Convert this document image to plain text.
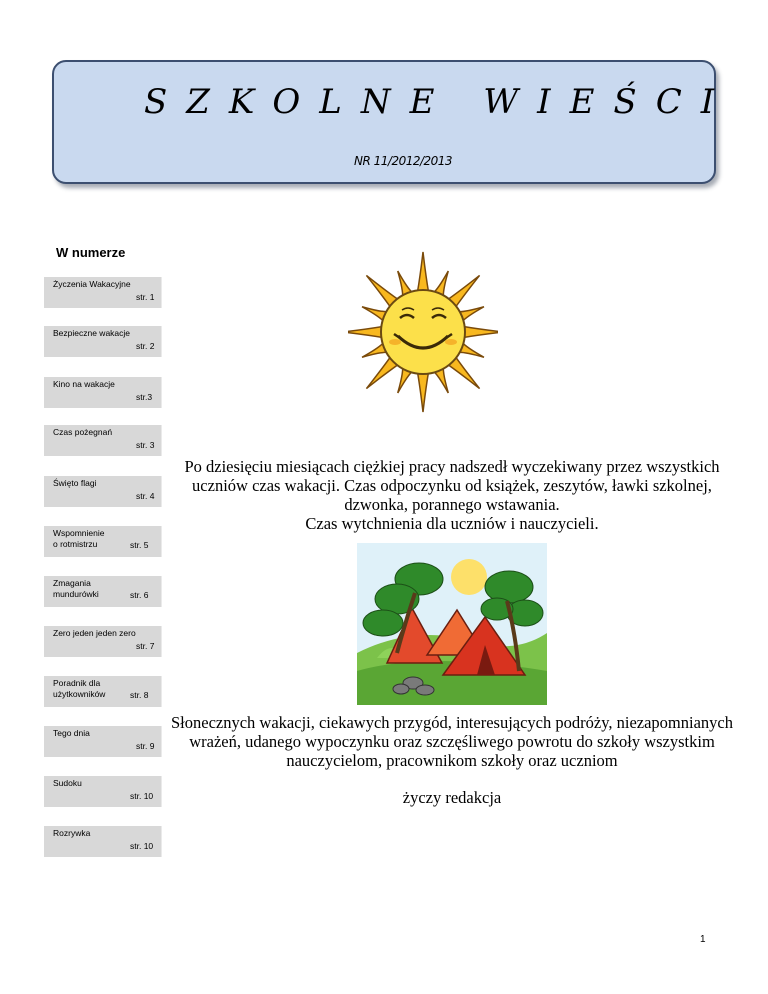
SZKOLNE WIEŚCI
NR 11/2012/2013
W numerze
Życzenia Wakacyjne
str. 1
Bezpieczne wakacje
str. 2
Kino na wakacje
str.3
Czas pożegnań
str. 3
Święto flagi
str. 4
Wspomnienie
o rotmistrzu	str. 5
Zmagania
mundurówki	str. 6
Zero jeden jeden zero
str. 7
Poradnik dla
użytkowników	str. 8
Tego dnia
str. 9
Sudoku
str. 10
Rozrywka
str. 10
Po dziesięciu miesiącach ciężkiej pracy nadszedł wyczekiwany przez wszystkich uczniów czas wakacji. Czas odpoczynku od książek, zeszytów, ławki szkolnej, dzwonka, porannego wstawania.
Czas wytchnienia dla uczniów i nauczycieli.
Słonecznych wakacji, ciekawych przygód, interesujących podróży, niezapomnianych wrażeń, udanego wypoczynku oraz szczęśliwego powrotu do szkoły wszystkim nauczycielom, pracownikom szkoły oraz uczniom
życzy redakcja
1
